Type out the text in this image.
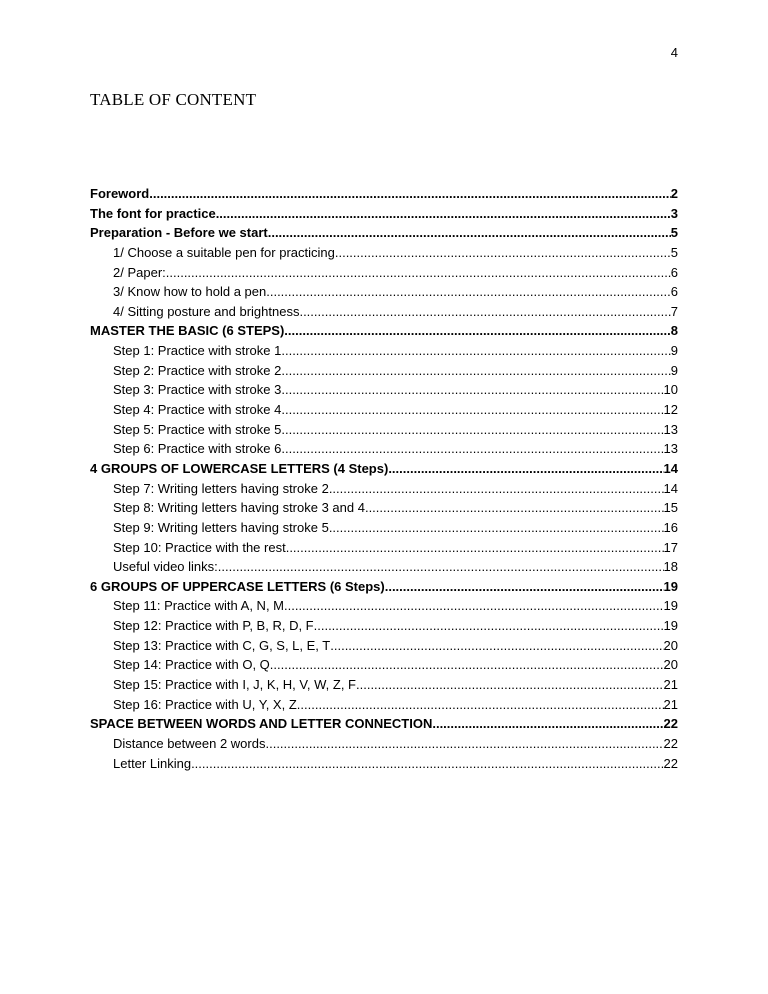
4
TABLE OF CONTENT
Foreword .....	2
The font for practice .....	3
Preparation - Before we start .....	5
1/ Choose a suitable pen for practicing .....	5
2/ Paper: .....	6
3/ Know how to hold a pen .....	6
4/ Sitting posture and brightness .....	7
MASTER THE BASIC (6 STEPS) .....	8
Step 1: Practice with stroke 1 .....	9
Step 2: Practice with stroke 2 .....	9
Step 3: Practice with stroke 3 .....	10
Step 4: Practice with stroke 4 .....	12
Step 5: Practice with stroke 5 .....	13
Step 6: Practice with stroke 6 .....	13
4 GROUPS OF LOWERCASE LETTERS (4 Steps) .....	14
Step 7: Writing letters having stroke 2 .....	14
Step 8: Writing letters having stroke 3 and 4 .....	15
Step 9: Writing letters having stroke 5 .....	16
Step 10: Practice with the rest .....	17
Useful video links: .....	18
6 GROUPS OF UPPERCASE LETTERS (6 Steps) .....	19
Step 11: Practice with A, N, M .....	19
Step 12: Practice with P, B, R, D, F .....	19
Step 13: Practice with C, G, S, L, E, T .....	20
Step 14: Practice with O, Q .....	20
Step 15: Practice with I, J, K, H, V, W, Z, F .....	21
Step 16: Practice with U, Y, X, Z .....	21
SPACE BETWEEN WORDS AND LETTER CONNECTION .....	22
Distance between 2 words .....	22
Letter Linking .....	22
